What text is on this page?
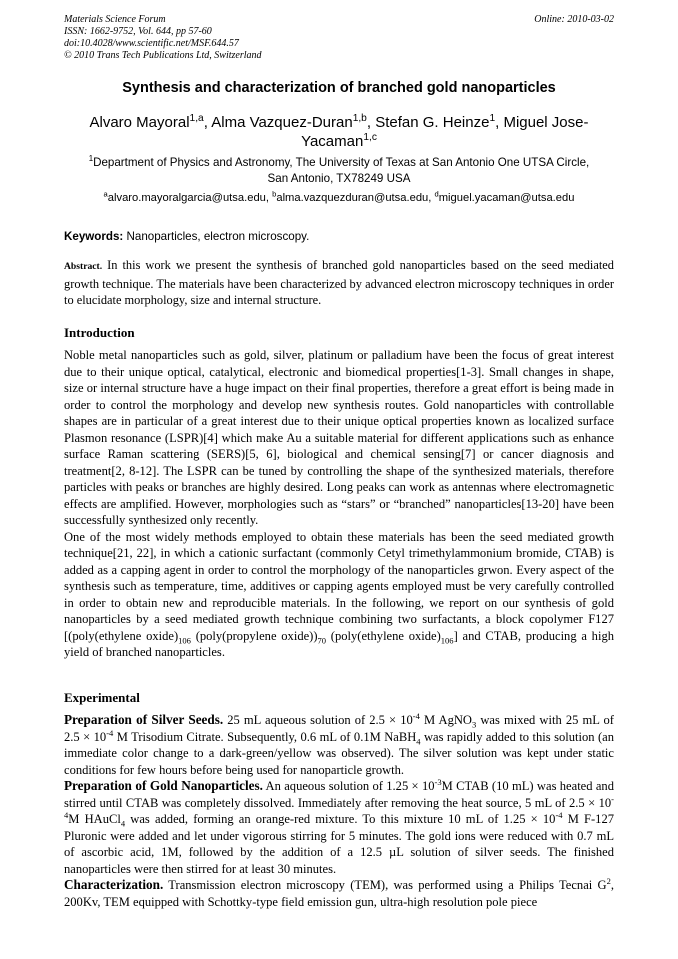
Materials Science Forum
ISSN: 1662-9752, Vol. 644, pp 57-60
doi:10.4028/www.scientific.net/MSF.644.57
© 2010 Trans Tech Publications Ltd, Switzerland
Online: 2010-03-02
Synthesis and characterization of branched gold nanoparticles
Alvaro Mayoral$^{1,a}$, Alma Vazquez-Duran$^{1,b}$, Stefan G. Heinze$^1$, Miguel Jose-
Yacaman$^{1,c}$
$^1$Department of Physics and Astronomy, The University of Texas at San Antonio One UTSA Circle,
San Antonio, TX78249 USA
$^a$alvaro.mayoralgarcia@utsa.edu, $^b$alma.vazquezduran@utsa.edu, $^d$miguel.yacaman@utsa.edu
Keywords: Nanoparticles, electron microscopy.
Abstract. In this work we present the synthesis of branched gold nanoparticles based on the seed mediated growth technique. The materials have been characterized by advanced electron microscopy techniques in order to elucidate morphology, size and internal structure.
Introduction

Noble metal nanoparticles such as gold, silver, platinum or palladium have been the focus of great interest due to their unique optical, catalytical, electronic and biomedical properties[1-3]. Small changes in shape, size or internal structure have a huge impact on their final properties, therefore a great effort is being made in order to control the morphology and develop new synthesis routes. Gold nanoparticles with controllable shapes are in particular of a great interest due to their unique optical properties known as localized surface Plasmon resonance (LSPR)[4] which make Au a suitable material for different applications such as enhance surface Raman scattering (SERS)[5, 6], biological and chemical sensing[7] or cancer diagnosis and treatment[2, 8-12]. The LSPR can be tuned by controlling the shape of the synthesized materials, therefore particles with peaks or branches are highly desired. Long peaks can work as antennas where electromagnetic effects are amplified. However, morphologies such as “stars” or “branched” nanoparticles[13-20] have been successfully synthesized only recently.

One of the most widely methods employed to obtain these materials has been the seed mediated growth technique[21, 22], in which a cationic surfactant (commonly Cetyl trimethylammonium bromide, CTAB) is added as a capping agent in order to control the morphology of the nanoparticles grwon. Every aspect of the synthesis such as temperature, time, additives or capping agents employed must be very carefully controlled in order to obtain new and reproducible materials. In the following, we report on our synthesis of gold nanoparticles by a seed mediated growth technique combining two surfactants, a block copolymer F127 [(poly(ethylene $oxide)_{106}$ (poly(propylene $oxide))_{70}$ (poly(ethylene $oxide)_{106}$] and CTAB, producing a high yield of branched nanoparticles.

Experimental

Preparation of Silver Seeds. 25 mL aqueous solution of $2.5 \times 10^{-4}$ M AgNO$_3$ was mixed with 25 mL of $2.5 \times 10^{-4}$ M Trisodium Citrate. Subsequently, 0.6 mL of 0.1M NaBH$_4$ was rapidly added to this solution (an immediate color change to a dark-green/yellow was observed). The silver solution was kept under static conditions for few hours before being used for nanoparticle growth.

Preparation of Gold Nanoparticles. An aqueous solution of $1.25 \times 10^{-3}M$ CTAB (10 mL) was heated and stirred until CTAB was completely dissolved. Immediately after removing the heat source, 5 mL of $2.5 \times 10^{-4}M$ HAuCl$_4$ was added, forming an orange-red mixture. To this mixture 10 mL of $1.25 \times 10^{-4}$ M F-127 Pluronic were added and let under vigorous stirring for 5 minutes. The gold ions were reduced with 0.7 mL of ascorbic acid, 1M, followed by the addition of a 12.5 µL solution of silver seeds. The finished nanoparticles were then stirred for at least 30 minutes.

Characterization. Transmission electron microscopy (TEM), was performed using a Philips Tecnai $G^2$, 200Kv, TEM equipped with Schottky-type field emission gun, ultra-high resolution pole piece
